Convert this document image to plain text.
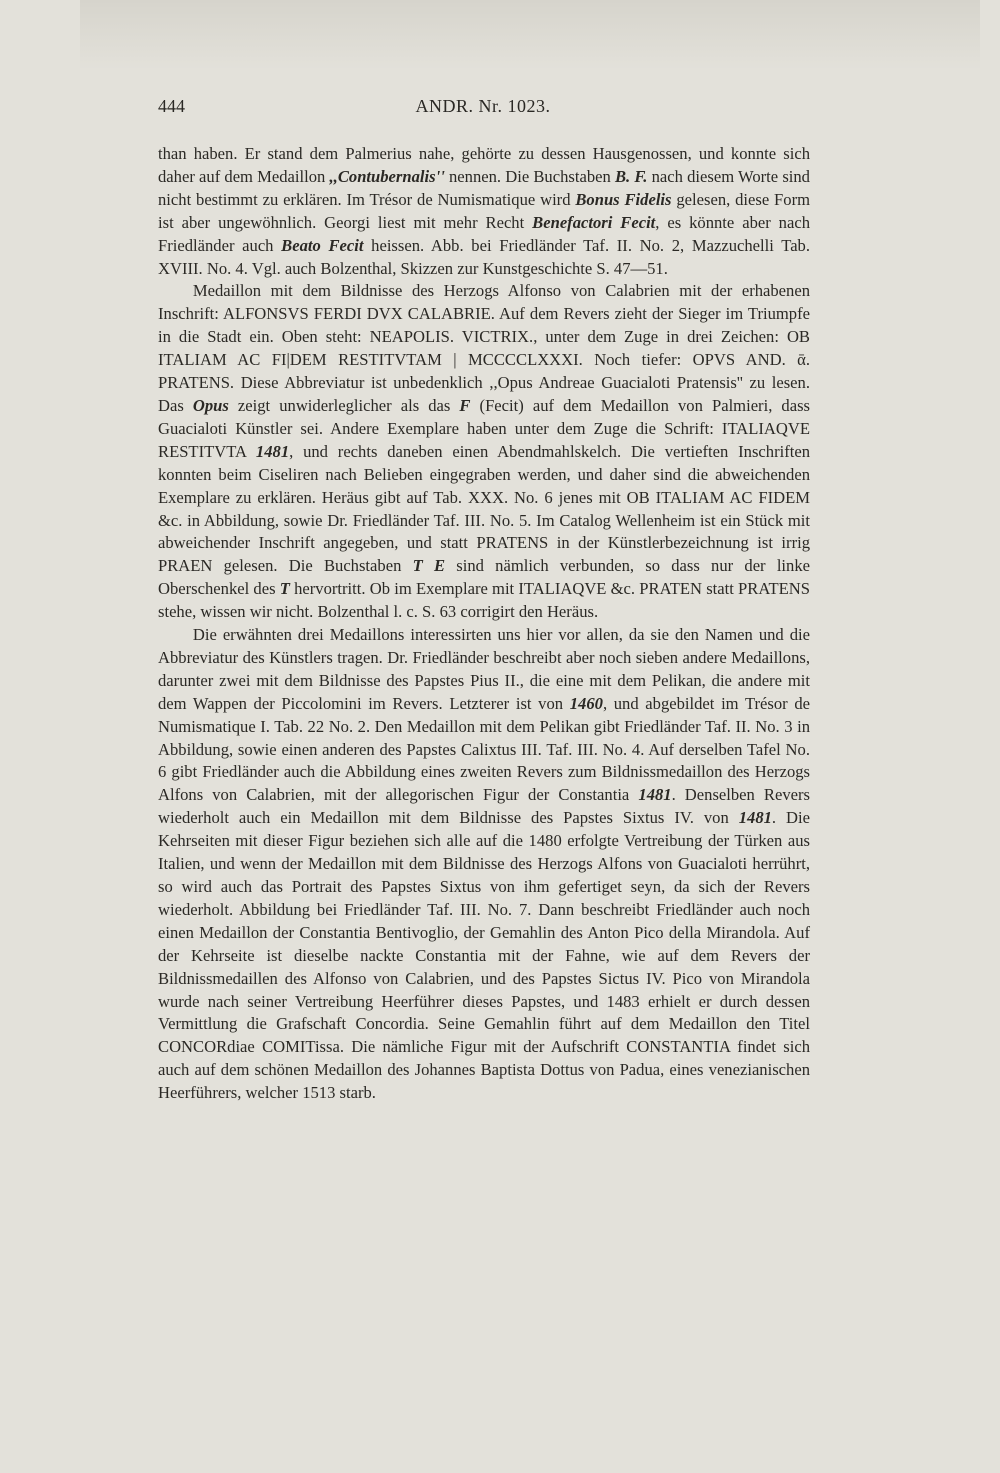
444	ANDR. Nr. 1023.

than haben. Er stand dem Palmerius nahe, gehörte zu dessen Hausgenossen, und konnte sich daher auf dem Medaillon ,,Contubernalis'' nennen. Die Buchstaben B. F. nach diesem Worte sind nicht bestimmt zu erklären. Im Trésor de Numismatique wird Bonus Fidelis gelesen, diese Form ist aber ungewöhnlich. Georgi liest mit mehr Recht Benefactori Fecit, es könnte aber nach Friedländer auch Beato Fecit heissen. Abb. bei Friedländer Taf. II. No. 2, Mazzuchelli Tab. XVIII. No. 4. Vgl. auch Bolzenthal, Skizzen zur Kunstgeschichte S. 47—51.

Medaillon mit dem Bildnisse des Herzogs Alfonso von Calabrien mit der erhabenen Inschrift: ALFONSVS FERDI DVX CALABRIE. Auf dem Revers zieht der Sieger im Triumpfe in die Stadt ein. Oben steht: NEAPOLIS. VICTRIX., unter dem Zuge in drei Zeichen: OB ITALIAM AC FI|DEM RESTITVTAM | MCCCCLXXXI. Noch tiefer: OPVS AND. ᾱ. PRATENS. Diese Abbreviatur ist unbedenklich ,,Opus Andreae Guacialoti Pratensis'' zu lesen. Das Opus zeigt unwiderleglicher als das F (Fecit) auf dem Medaillon von Palmieri, dass Guacialoti Künstler sei. Andere Exemplare haben unter dem Zuge die Schrift: ITALIAQVE RESTITVTA 1481, und rechts daneben einen Abendmahlskelch. Die vertieften Inschriften konnten beim Ciseliren nach Belieben eingegraben werden, und daher sind die abweichenden Exemplare zu erklären. Heräus gibt auf Tab. XXX. No. 6 jenes mit OB ITALIAM AC FIDEM &c. in Abbildung, sowie Dr. Friedländer Taf. III. No. 5. Im Catalog Wellenheim ist ein Stück mit abweichender Inschrift angegeben, und statt PRATENS in der Künstlerbezeichnung ist irrig PRAEN gelesen. Die Buchstaben T E sind nämlich verbunden, so dass nur der linke Oberschenkel des T hervortritt. Ob im Exemplare mit ITALIAQVE &c. PRATEN statt PRATENS stehe, wissen wir nicht. Bolzenthal l. c. S. 63 corrigirt den Heräus.

Die erwähnten drei Medaillons interessirten uns hier vor allen, da sie den Namen und die Abbreviatur des Künstlers tragen. Dr. Friedländer beschreibt aber noch sieben andere Medaillons, darunter zwei mit dem Bildnisse des Papstes Pius II., die eine mit dem Pelikan, die andere mit dem Wappen der Piccolomini im Revers. Letzterer ist von 1460, und abgebildet im Trésor de Numismatique I. Tab. 22 No. 2. Den Medaillon mit dem Pelikan gibt Friedländer Taf. II. No. 3 in Abbildung, sowie einen anderen des Papstes Calixtus III. Taf. III. No. 4. Auf derselben Tafel No. 6 gibt Friedländer auch die Abbildung eines zweiten Revers zum Bildnissmedaillon des Herzogs Alfons von Calabrien, mit der allegorischen Figur der Constantia 1481. Denselben Revers wiederholt auch ein Medaillon mit dem Bildnisse des Papstes Sixtus IV. von 1481. Die Kehrseiten mit dieser Figur beziehen sich alle auf die 1480 erfolgte Vertreibung der Türken aus Italien, und wenn der Medaillon mit dem Bildnisse des Herzogs Alfons von Guacialoti herrührt, so wird auch das Portrait des Papstes Sixtus von ihm gefertiget seyn, da sich der Revers wiederholt. Abbildung bei Friedländer Taf. III. No. 7. Dann beschreibt Friedländer auch noch einen Medaillon der Constantia Bentivoglio, der Gemahlin des Anton Pico della Mirandola. Auf der Kehrseite ist dieselbe nackte Constantia mit der Fahne, wie auf dem Revers der Bildnissmedaillen des Alfonso von Calabrien, und des Papstes Sictus IV. Pico von Mirandola wurde nach seiner Vertreibung Heerführer dieses Papstes, und 1483 erhielt er durch dessen Vermittlung die Grafschaft Concordia. Seine Gemahlin führt auf dem Medaillon den Titel CONCORdiae COMITissa. Die nämliche Figur mit der Aufschrift CONSTANTIA findet sich auch auf dem schönen Medaillon des Johannes Baptista Dottus von Padua, eines venezianischen Heerführers, welcher 1513 starb.
